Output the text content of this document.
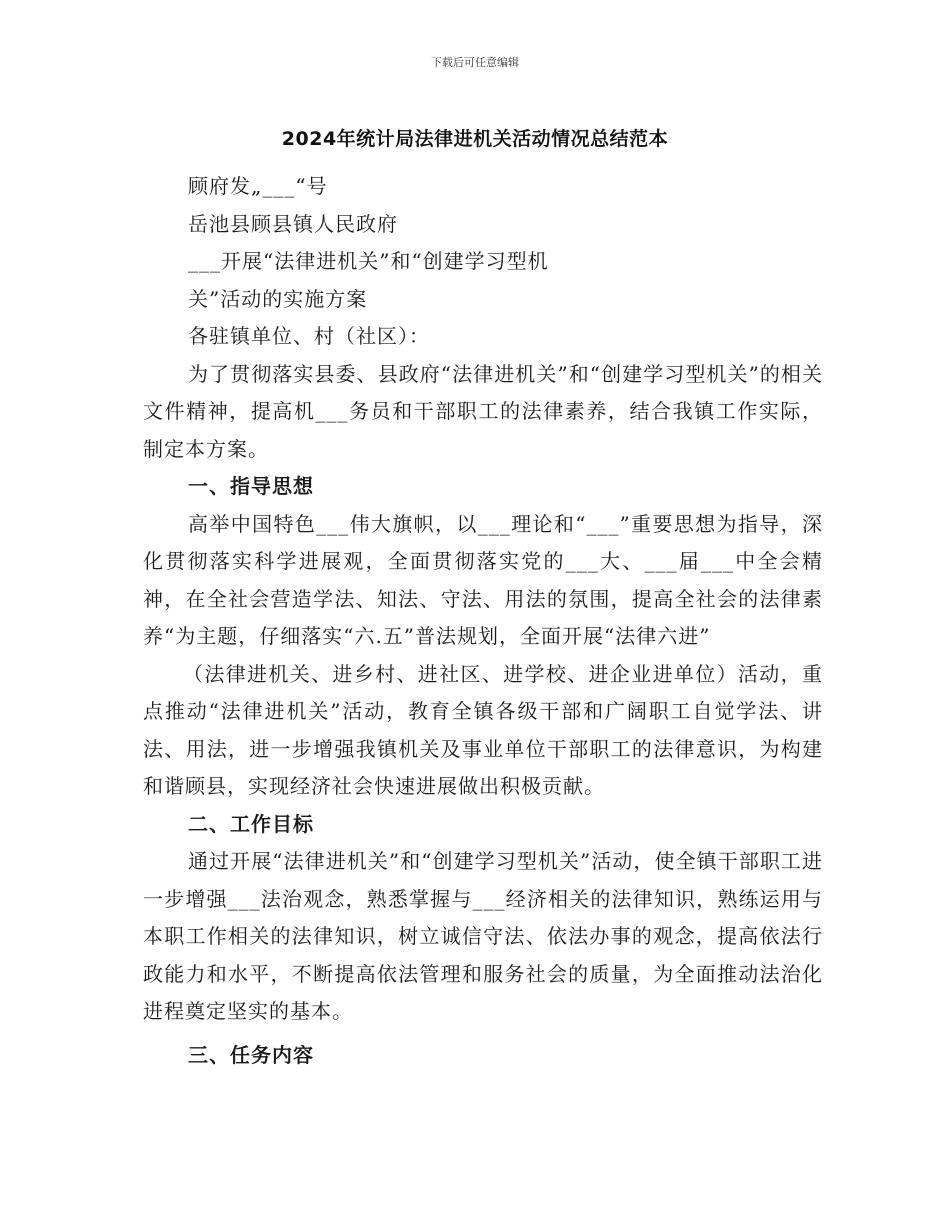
下载后可任意编辑
2024年统计局法律进机关活动情况总结范本
顾府发„___“号
岳池县顾县镇人民政府
___开展“法律进机关”和“创建学习型机
关”活动的实施方案
各驻镇单位、村（社区）：
为了贯彻落实县委、县政府“法律进机关”和“创建学习型机关”的相关文件精神，提高机___务员和干部职工的法律素养，结合我镇工作实际，制定本方案。
一、指导思想
高举中国特色___伟大旗帜，以___理论和“___”重要思想为指导，深化贯彻落实科学进展观，全面贯彻落实党的___大、___届___中全会精神，在全社会营造学法、知法、守法、用法的氛围，提高全社会的法律素养“为主题，仔细落实“六.五”普法规划，全面开展“法律六进”
（法律进机关、进乡村、进社区、进学校、进企业进单位）活动，重点推动“法律进机关”活动，教育全镇各级干部和广阔职工自觉学法、讲法、用法，进一步增强我镇机关及事业单位干部职工的法律意识，为构建和谐顾县，实现经济社会快速进展做出积极贡献。
二、工作目标
通过开展“法律进机关”和“创建学习型机关”活动，使全镇干部职工进一步增强___法治观念，熟悉掌握与___经济相关的法律知识，熟练运用与本职工作相关的法律知识，树立诚信守法、依法办事的观念，提高依法行政能力和水平，不断提高依法管理和服务社会的质量，为全面推动法治化进程奠定坚实的基本。
三、任务内容
